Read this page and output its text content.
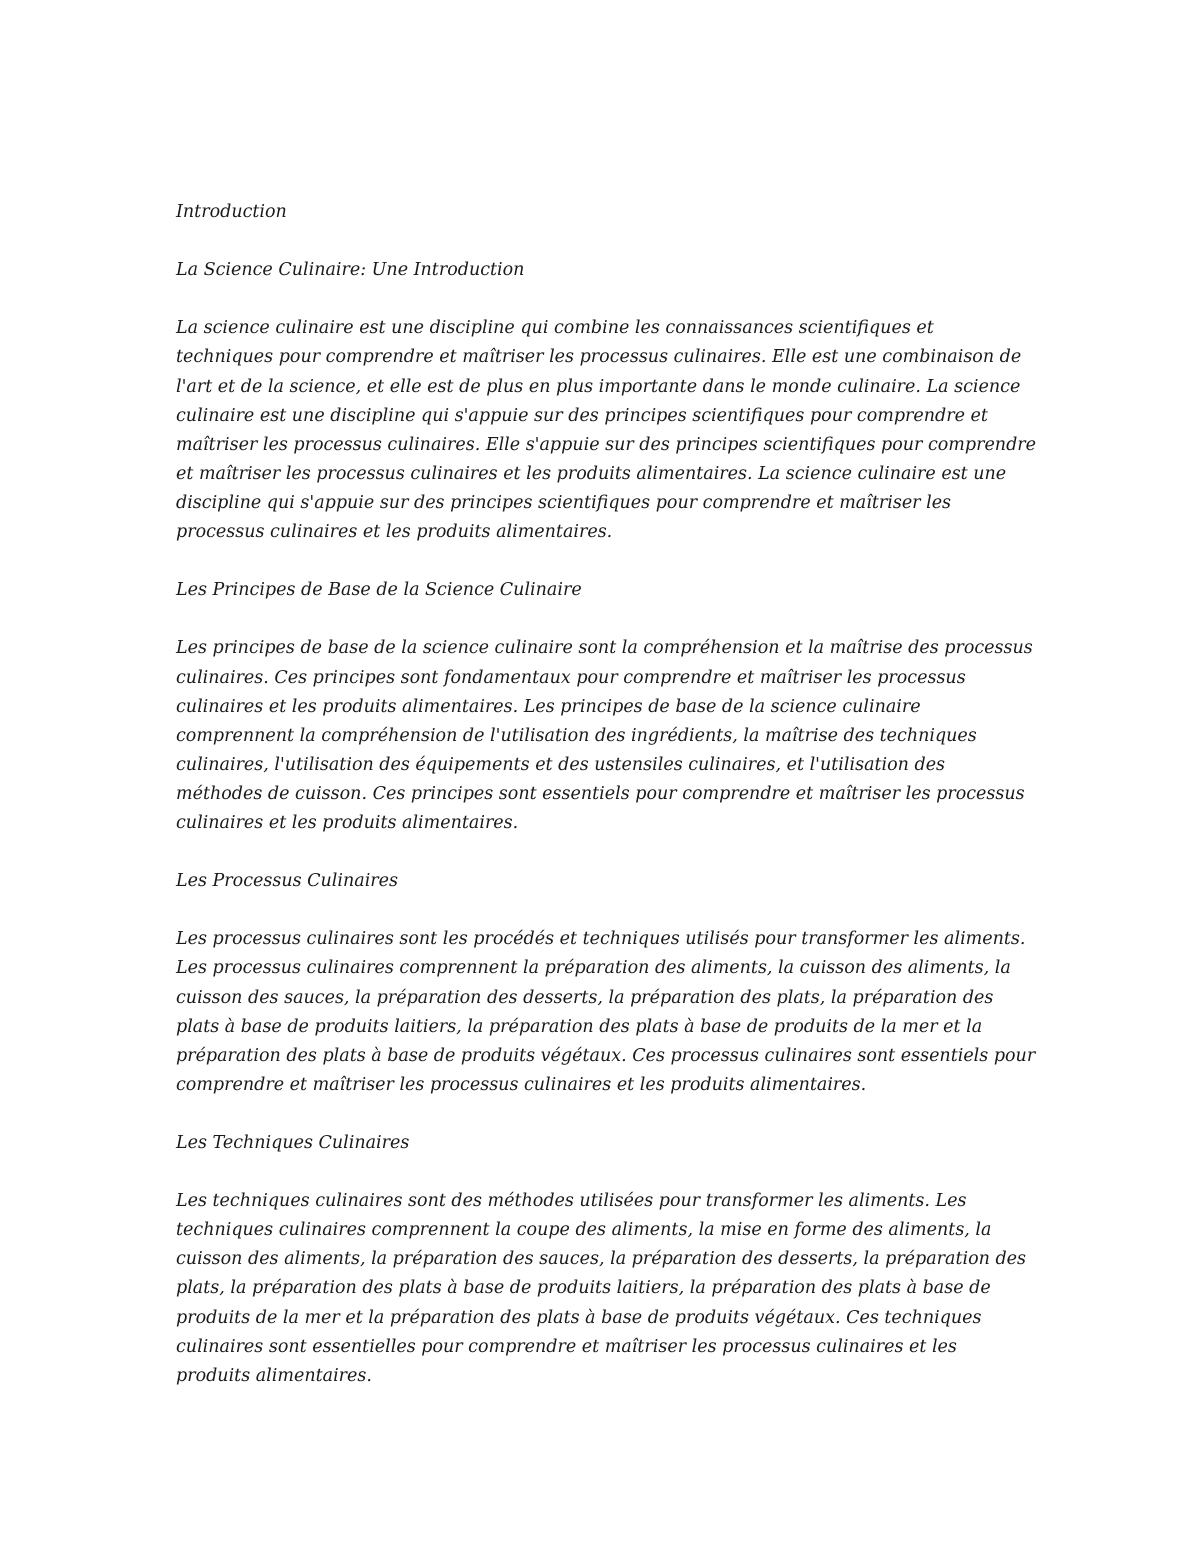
Introduction

La Science Culinaire: Une Introduction

La science culinaire est une discipline qui combine les connaissances scientifiques et techniques pour comprendre et maîtriser les processus culinaires. Elle est une combinaison de l'art et de la science, et elle est de plus en plus importante dans le monde culinaire. La science culinaire est une discipline qui s'appuie sur des principes scientifiques pour comprendre et maîtriser les processus culinaires. Elle s'appuie sur des principes scientifiques pour comprendre et maîtriser les processus culinaires et les produits alimentaires. La science culinaire est une discipline qui s'appuie sur des principes scientifiques pour comprendre et maîtriser les processus culinaires et les produits alimentaires.

Les Principes de Base de la Science Culinaire

Les principes de base de la science culinaire sont la compréhension et la maîtrise des processus culinaires. Ces principes sont fondamentaux pour comprendre et maîtriser les processus culinaires et les produits alimentaires. Les principes de base de la science culinaire comprennent la compréhension de l'utilisation des ingrédients, la maîtrise des techniques culinaires, l'utilisation des équipements et des ustensiles culinaires, et l'utilisation des méthodes de cuisson. Ces principes sont essentiels pour comprendre et maîtriser les processus culinaires et les produits alimentaires.

Les Processus Culinaires

Les processus culinaires sont les procédés et techniques utilisés pour transformer les aliments. Les processus culinaires comprennent la préparation des aliments, la cuisson des aliments, la cuisson des sauces, la préparation des desserts, la préparation des plats, la préparation des plats à base de produits laitiers, la préparation des plats à base de produits de la mer et la préparation des plats à base de produits végétaux. Ces processus culinaires sont essentiels pour comprendre et maîtriser les processus culinaires et les produits alimentaires.

Les Techniques Culinaires

Les techniques culinaires sont des méthodes utilisées pour transformer les aliments. Les techniques culinaires comprennent la coupe des aliments, la mise en forme des aliments, la cuisson des aliments, la préparation des sauces, la préparation des desserts, la préparation des plats, la préparation des plats à base de produits laitiers, la préparation des plats à base de produits de la mer et la préparation des plats à base de produits végétaux. Ces techniques culinaires sont essentielles pour comprendre et maîtriser les processus culinaires et les produits alimentaires.
